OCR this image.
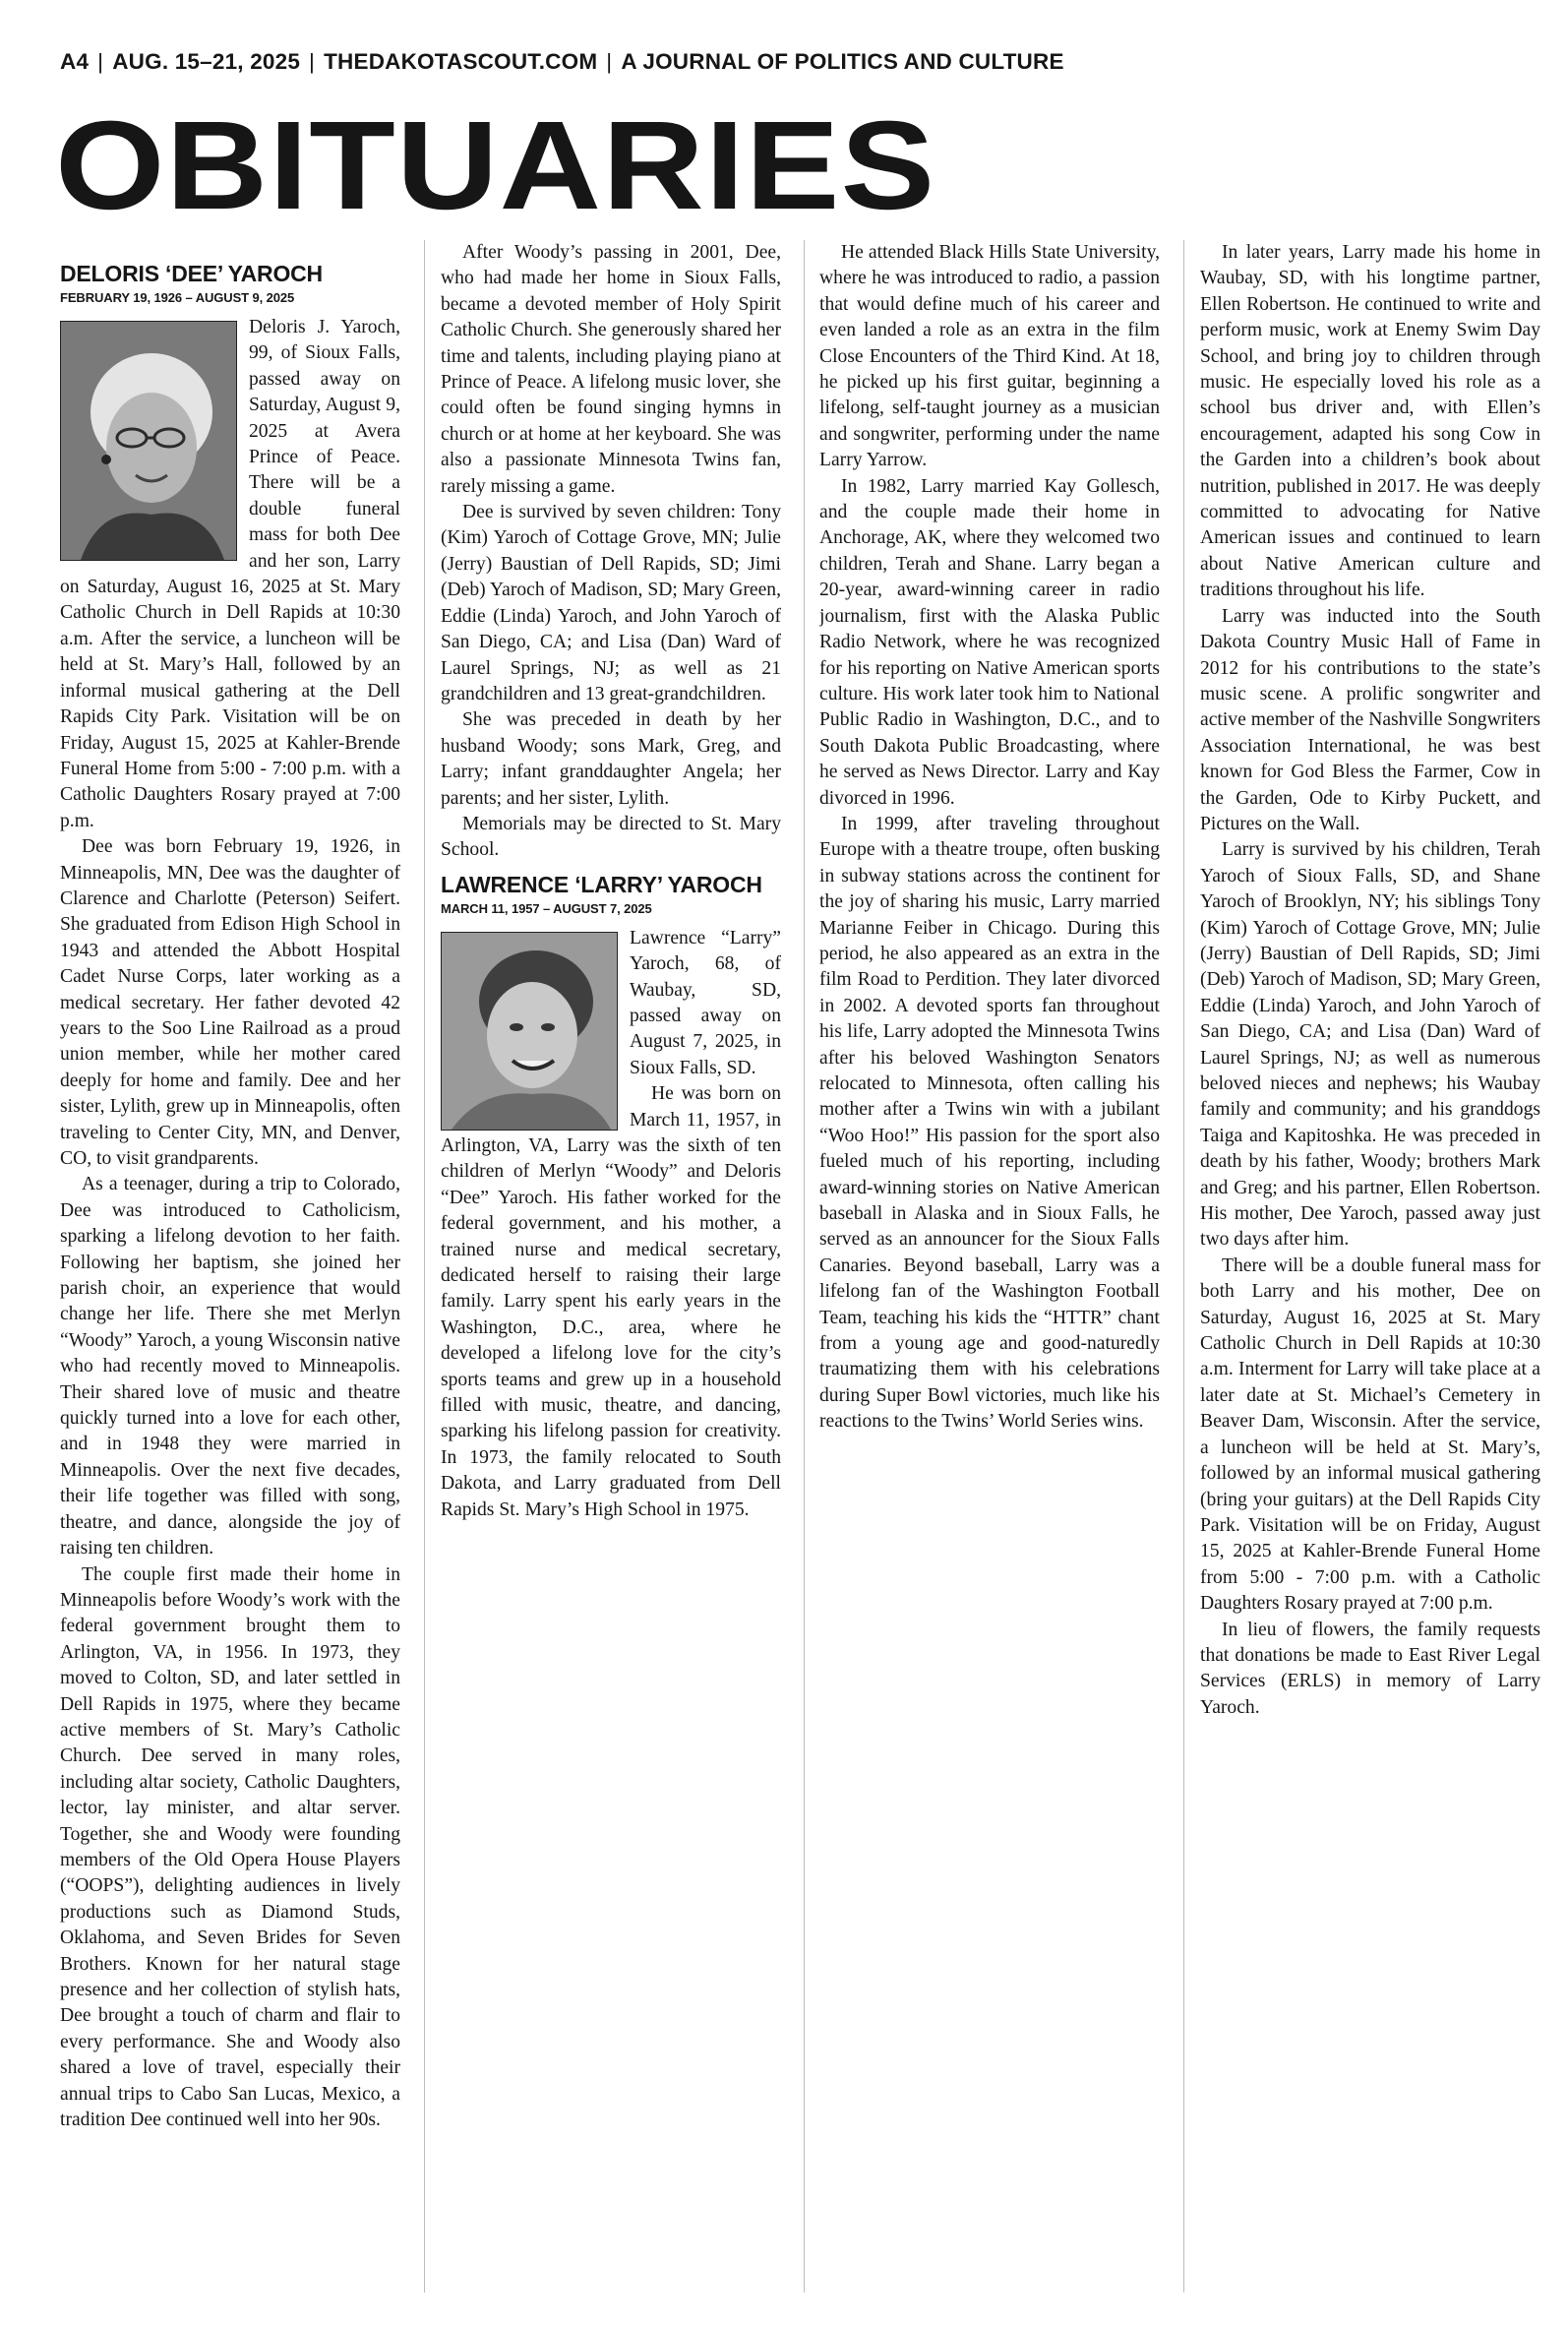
A4 | AUG. 15–21, 2025 | THEDAKOTASCOUT.COM | A JOURNAL OF POLITICS AND CULTURE
OBITUARIES
DELORIS ‘DEE’ YAROCH
FEBRUARY 19, 1926 – AUGUST 9, 2025

Deloris J. Yaroch, 99, of Sioux Falls, passed away on Saturday, August 9, 2025 at Avera Prince of Peace. There will be a double funeral mass for both Dee and her son, Larry on Saturday, August 16, 2025 at St. Mary Catholic Church in Dell Rapids at 10:30 a.m. After the service, a luncheon will be held at St. Mary’s Hall, followed by an informal musical gathering at the Dell Rapids City Park. Visitation will be on Friday, August 15, 2025 at Kahler-Brende Funeral Home from 5:00 - 7:00 p.m. with a Catholic Daughters Rosary prayed at 7:00 p.m.

Dee was born February 19, 1926, in Minneapolis, MN, Dee was the daughter of Clarence and Charlotte (Peterson) Seifert. She graduated from Edison High School in 1943 and attended the Abbott Hospital Cadet Nurse Corps, later working as a medical secretary. Her father devoted 42 years to the Soo Line Railroad as a proud union member, while her mother cared deeply for home and family. Dee and her sister, Lylith, grew up in Minneapolis, often traveling to Center City, MN, and Denver, CO, to visit grandparents.

As a teenager, during a trip to Colorado, Dee was introduced to Catholicism, sparking a lifelong devotion to her faith. Following her baptism, she joined her parish choir, an experience that would change her life. There she met Merlyn “Woody” Yaroch, a young Wisconsin native who had recently moved to Minneapolis. Their shared love of music and theatre quickly turned into a love for each other, and in 1948 they were married in Minneapolis. Over the next five decades, their life together was filled with song, theatre, and dance, alongside the joy of raising ten children.

The couple first made their home in Minneapolis before Woody’s work with the federal government brought them to Arlington, VA, in 1956. In 1973, they moved to Colton, SD, and later settled in Dell Rapids in 1975, where they became active members of St. Mary’s Catholic Church. Dee served in many roles, including altar society, Catholic Daughters, lector, lay minister, and altar server. Together, she and Woody were founding members of the Old Opera House Players (“OOPS”), delighting audiences in lively productions such as Diamond Studs, Oklahoma, and Seven Brides for Seven Brothers. Known for her natural stage presence and her collection of stylish hats, Dee brought a touch of charm and flair to every performance. She and Woody also shared a love of travel, especially their annual trips to Cabo San Lucas, Mexico, a tradition Dee continued well into her 90s.

After Woody’s passing in 2001, Dee, who had made her home in Sioux Falls, became a devoted member of Holy Spirit Catholic Church. She generously shared her time and talents, including playing piano at Prince of Peace. A lifelong music lover, she could often be found singing hymns in church or at home at her keyboard. She was also a passionate Minnesota Twins fan, rarely missing a game.

Dee is survived by seven children: Tony (Kim) Yaroch of Cottage Grove, MN; Julie (Jerry) Baustian of Dell Rapids, SD; Jimi (Deb) Yaroch of Madison, SD; Mary Green, Eddie (Linda) Yaroch, and John Yaroch of San Diego, CA; and Lisa (Dan) Ward of Laurel Springs, NJ; as well as 21 grandchildren and 13 great-grandchildren.

She was preceded in death by her husband Woody; sons Mark, Greg, and Larry; infant granddaughter Angela; her parents; and her sister, Lylith.

Memorials may be directed to St. Mary School.

LAWRENCE ‘LARRY’ YAROCH
MARCH 11, 1957 – AUGUST 7, 2025

Lawrence “Larry” Yaroch, 68, of Waubay, SD, passed away on August 7, 2025, in Sioux Falls, SD.

He was born on March 11, 1957, in Arlington, VA, Larry was the sixth of ten children of Merlyn “Woody” and Deloris “Dee” Yaroch. His father worked for the federal government, and his mother, a trained nurse and medical secretary, dedicated herself to raising their large family. Larry spent his early years in the Washington, D.C., area, where he developed a lifelong love for the city’s sports teams and grew up in a household filled with music, theatre, and dancing, sparking his lifelong passion for creativity. In 1973, the family relocated to South Dakota, and Larry graduated from Dell Rapids St. Mary’s High School in 1975.

He attended Black Hills State University, where he was introduced to radio, a passion that would define much of his career and even landed a role as an extra in the film Close Encounters of the Third Kind. At 18, he picked up his first guitar, beginning a lifelong, self-taught journey as a musician and songwriter, performing under the name Larry Yarrow.

In 1982, Larry married Kay Gollesch, and the couple made their home in Anchorage, AK, where they welcomed two children, Terah and Shane. Larry began a 20-year, award-winning career in radio journalism, first with the Alaska Public Radio Network, where he was recognized for his reporting on Native American sports culture. His work later took him to National Public Radio in Washington, D.C., and to South Dakota Public Broadcasting, where he served as News Director. Larry and Kay divorced in 1996.

In 1999, after traveling throughout Europe with a theatre troupe, often busking in subway stations across the continent for the joy of sharing his music, Larry married Marianne Feiber in Chicago. During this period, he also appeared as an extra in the film Road to Perdition. They later divorced in 2002. A devoted sports fan throughout his life, Larry adopted the Minnesota Twins after his beloved Washington Senators relocated to Minnesota, often calling his mother after a Twins win with a jubilant “Woo Hoo!” His passion for the sport also fueled much of his reporting, including award-winning stories on Native American baseball in Alaska and in Sioux Falls, he served as an announcer for the Sioux Falls Canaries. Beyond baseball, Larry was a lifelong fan of the Washington Football Team, teaching his kids the “HTTR” chant from a young age and good-naturedly traumatizing them with his celebrations during Super Bowl victories, much like his reactions to the Twins’ World Series wins.

In later years, Larry made his home in Waubay, SD, with his longtime partner, Ellen Robertson. He continued to write and perform music, work at Enemy Swim Day School, and bring joy to children through music. He especially loved his role as a school bus driver and, with Ellen’s encouragement, adapted his song Cow in the Garden into a children’s book about nutrition, published in 2017. He was deeply committed to advocating for Native American issues and continued to learn about Native American culture and traditions throughout his life.

Larry was inducted into the South Dakota Country Music Hall of Fame in 2012 for his contributions to the state’s music scene. A prolific songwriter and active member of the Nashville Songwriters Association International, he was best known for God Bless the Farmer, Cow in the Garden, Ode to Kirby Puckett, and Pictures on the Wall.

Larry is survived by his children, Terah Yaroch of Sioux Falls, SD, and Shane Yaroch of Brooklyn, NY; his siblings Tony (Kim) Yaroch of Cottage Grove, MN; Julie (Jerry) Baustian of Dell Rapids, SD; Jimi (Deb) Yaroch of Madison, SD; Mary Green, Eddie (Linda) Yaroch, and John Yaroch of San Diego, CA; and Lisa (Dan) Ward of Laurel Springs, NJ; as well as numerous beloved nieces and nephews; his Waubay family and community; and his granddogs Taiga and Kapitoshka. He was preceded in death by his father, Woody; brothers Mark and Greg; and his partner, Ellen Robertson. His mother, Dee Yaroch, passed away just two days after him.

There will be a double funeral mass for both Larry and his mother, Dee on Saturday, August 16, 2025 at St. Mary Catholic Church in Dell Rapids at 10:30 a.m. Interment for Larry will take place at a later date at St. Michael’s Cemetery in Beaver Dam, Wisconsin. After the service, a luncheon will be held at St. Mary’s, followed by an informal musical gathering (bring your guitars) at the Dell Rapids City Park. Visitation will be on Friday, August 15, 2025 at Kahler-Brende Funeral Home from 5:00 - 7:00 p.m. with a Catholic Daughters Rosary prayed at 7:00 p.m.

In lieu of flowers, the family requests that donations be made to East River Legal Services (ERLS) in memory of Larry Yaroch.
